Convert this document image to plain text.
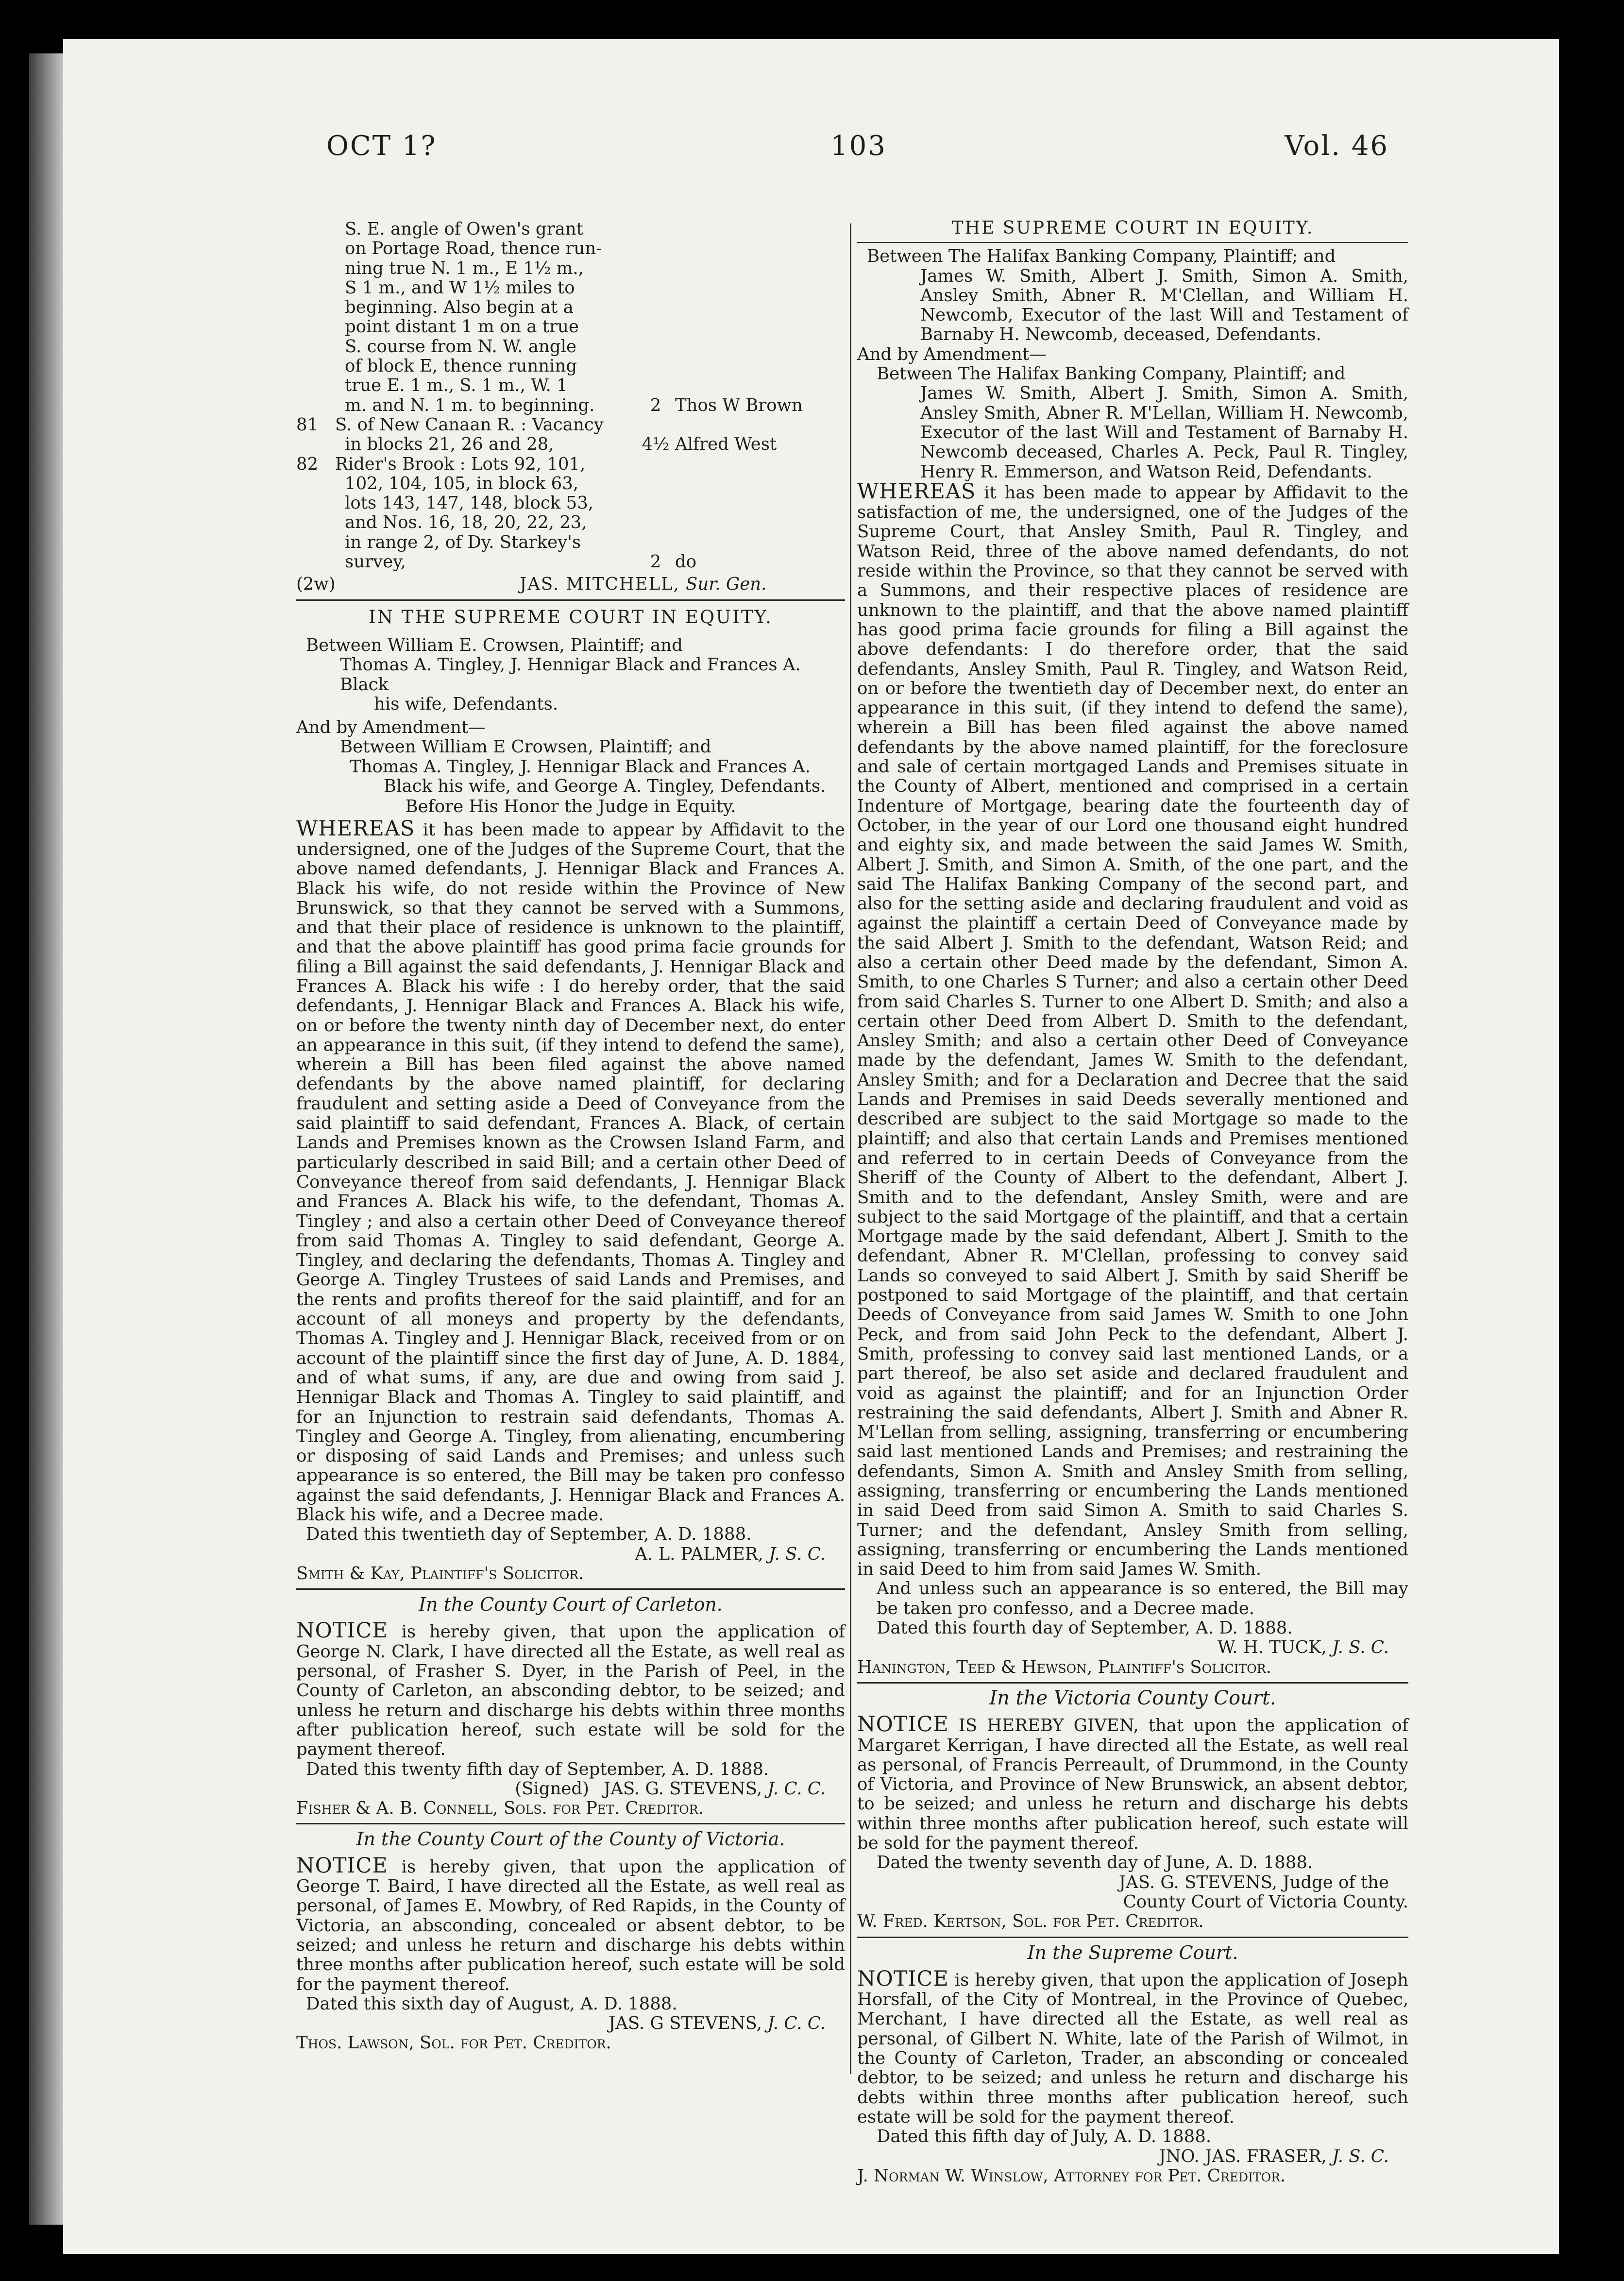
OCT 1?	103	Vol. 46
S. E. angle of Owen's grant
on Portage Road, thence run-
ning true N. 1 m., E 1½ m.,
S 1 m., and W 1½ miles to
beginning. Also begin at a
point distant 1 m on a true
S. course from N. W. angle
of block E, thence running
true E. 1 m., S. 1 m., W. 1
m. and N. 1 m. to beginning.	2 Thos W Brown
81 S. of New Canaan R. : Vacancy
in blocks 21, 26 and 28,	4½ Alfred West
82 Rider's Brook : Lots 92, 101,
102, 104, 105, in block 63,
lots 143, 147, 148, block 53,
and Nos. 16, 18, 20, 22, 23,
in range 2, of Dy. Starkey's
survey,	2 do
(2w)	JAS. MITCHELL, Sur. Gen.
IN THE SUPREME COURT IN EQUITY.
Between William E. Crowsen, Plaintiff; and
Thomas A. Tingley, J. Hennigar Black and Frances A. Black
his wife, Defendants.
And by Amendment—
Between William E Crowsen, Plaintiff; and
Thomas A. Tingley, J. Hennigar Black and Frances A.
Black his wife, and George A. Tingley, Defendants.
Before His Honor the Judge in Equity.

WHEREAS it has been made to appear by Affidavit to the undersigned, one of the Judges of the Supreme Court, that the above named defendants, J. Hennigar Black and Frances A. Black his wife, do not reside within the Province of New Brunswick, so that they cannot be served with a Summons, and that their place of residence is unknown to the plaintiff, and that the above plaintiff has good prima facie grounds for filing a Bill against the said defendants, J. Hennigar Black and Frances A. Black his wife : I do hereby order, that the said defendants, J. Hennigar Black and Frances A. Black his wife, on or before the twenty ninth day of December next, do enter an appearance in this suit, (if they intend to defend the same), wherein a Bill has been filed against the above named defendants by the above named plaintiff, for declaring fraudulent and setting aside a Deed of Conveyance from the said plaintiff to said defendant, Frances A. Black, of certain Lands and Premises known as the Crowsen Island Farm, and particularly described in said Bill; and a certain other Deed of Conveyance thereof from said defendants, J. Hennigar Black and Frances A. Black his wife, to the defendant, Thomas A. Tingley ; and also a certain other Deed of Conveyance thereof from said Thomas A. Tingley to said defendant, George A. Tingley, and declaring the defendants, Thomas A. Tingley and George A. Tingley Trustees of said Lands and Premises, and the rents and profits thereof for the said plaintiff, and for an account of all moneys and property by the defendants, Thomas A. Tingley and J. Hennigar Black, received from or on account of the plaintiff since the first day of June, A. D. 1884, and of what sums, if any, are due and owing from said J. Hennigar Black and Thomas A. Tingley to said plaintiff, and for an Injunction to restrain said defendants, Thomas A. Tingley and George A. Tingley, from alienating, encumbering or disposing of said Lands and Premises; and unless such appearance is so entered, the Bill may be taken pro confesso against the said defendants, J. Hennigar Black and Frances A. Black his wife, and a Decree made.

Dated this twentieth day of September, A. D. 1888.
A. L. PALMER, J. S. C.
Smith & Kay, Plaintiff's Solicitor.
In the County Court of Carleton.

NOTICE is hereby given, that upon the application of George N. Clark, I have directed all the Estate, as well real as personal, of Frasher S. Dyer, in the Parish of Peel, in the County of Carleton, an absconding debtor, to be seized; and unless he return and discharge his debts within three months after publication hereof, such estate will be sold for the payment thereof.

Dated this twenty fifth day of September, A. D. 1888.
(Signed) JAS. G. STEVENS, J. C. C.
Fisher & A. B. Connell, Sols. for Pet. Creditor.
In the County Court of the County of Victoria.

NOTICE is hereby given, that upon the application of George T. Baird, I have directed all the Estate, as well real as personal, of James E. Mowbry, of Red Rapids, in the County of Victoria, an absconding, concealed or absent debtor, to be seized; and unless he return and discharge his debts within three months after publication hereof, such estate will be sold for the payment thereof.

Dated this sixth day of August, A. D. 1888.
JAS. G STEVENS, J. C. C.
Thos. Lawson, Sol. for Pet. Creditor.
THE SUPREME COURT IN EQUITY.
Between The Halifax Banking Company, Plaintiff; and
James W. Smith, Albert J. Smith, Simon A. Smith, Ansley Smith, Abner R. M'Clellan, and William H. Newcomb, Executor of the last Will and Testament of Barnaby H. Newcomb, deceased, Defendants.
And by Amendment—
Between The Halifax Banking Company, Plaintiff; and
James W. Smith, Albert J. Smith, Simon A. Smith, Ansley Smith, Abner R. M'Lellan, William H. Newcomb, Executor of the last Will and Testament of Barnaby H. Newcomb deceased, Charles A. Peck, Paul R. Tingley, Henry R. Emmerson, and Watson Reid, Defendants.

WHEREAS it has been made to appear by Affidavit to the satisfaction of me, the undersigned, one of the Judges of the Supreme Court, that Ansley Smith, Paul R. Tingley, and Watson Reid, three of the above named defendants, do not reside within the Province, so that they cannot be served with a Summons, and their respective places of residence are unknown to the plaintiff, and that the above named plaintiff has good prima facie grounds for filing a Bill against the above defendants: I do therefore order, that the said defendants, Ansley Smith, Paul R. Tingley, and Watson Reid, on or before the twentieth day of December next, do enter an appearance in this suit, (if they intend to defend the same), wherein a Bill has been filed against the above named defendants by the above named plaintiff, for the foreclosure and sale of certain mortgaged Lands and Premises situate in the County of Albert, mentioned and comprised in a certain Indenture of Mortgage, bearing date the fourteenth day of October, in the year of our Lord one thousand eight hundred and eighty six, and made between the said James W. Smith, Albert J. Smith, and Simon A. Smith, of the one part, and the said The Halifax Banking Company of the second part, and also for the setting aside and declaring fraudulent and void as against the plaintiff a certain Deed of Conveyance made by the said Albert J. Smith to the defendant, Watson Reid; and also a certain other Deed made by the defendant, Simon A. Smith, to one Charles S Turner; and also a certain other Deed from said Charles S. Turner to one Albert D. Smith; and also a certain other Deed from Albert D. Smith to the defendant, Ansley Smith; and also a certain other Deed of Conveyance made by the defendant, James W. Smith to the defendant, Ansley Smith; and for a Declaration and Decree that the said Lands and Premises in said Deeds severally mentioned and described are subject to the said Mortgage so made to the plaintiff; and also that certain Lands and Premises mentioned and referred to in certain Deeds of Conveyance from the Sheriff of the County of Albert to the defendant, Albert J. Smith and to the defendant, Ansley Smith, were and are subject to the said Mortgage of the plaintiff, and that a certain Mortgage made by the said defendant, Albert J. Smith to the defendant, Abner R. M'Clellan, professing to convey said Lands so conveyed to said Albert J. Smith by said Sheriff be postponed to said Mortgage of the plaintiff, and that certain Deeds of Conveyance from said James W. Smith to one John Peck, and from said John Peck to the defendant, Albert J. Smith, professing to convey said last mentioned Lands, or a part thereof, be also set aside and declared fraudulent and void as against the plaintiff; and for an Injunction Order restraining the said defendants, Albert J. Smith and Abner R. M'Lellan from selling, assigning, transferring or encumbering said last mentioned Lands and Premises; and restraining the defendants, Simon A. Smith and Ansley Smith from selling, assigning, transferring or encumbering the Lands mentioned in said Deed from said Simon A. Smith to said Charles S. Turner; and the defendant, Ansley Smith from selling, assigning, transferring or encumbering the Lands mentioned in said Deed to him from said James W. Smith.

And unless such an appearance is so entered, the Bill may be taken pro confesso, and a Decree made.
Dated this fourth day of September, A. D. 1888.
W. H. TUCK, J. S. C.
Hanington, Teed & Hewson, Plaintiff's Solicitor.
In the Victoria County Court.

NOTICE IS HEREBY GIVEN, that upon the application of Margaret Kerrigan, I have directed all the Estate, as well real as personal, of Francis Perreault, of Drummond, in the County of Victoria, and Province of New Brunswick, an absent debtor, to be seized; and unless he return and discharge his debts within three months after publication hereof, such estate will be sold for the payment thereof.

Dated the twenty seventh day of June, A. D. 1888.
JAS. G. STEVENS, Judge of the
County Court of Victoria County.
W. Fred. Kertson, Sol. for Pet. Creditor.
In the Supreme Court.

NOTICE is hereby given, that upon the application of Joseph Horsfall, of the City of Montreal, in the Province of Quebec, Merchant, I have directed all the Estate, as well real as personal, of Gilbert N. White, late of the Parish of Wilmot, in the County of Carleton, Trader, an absconding or concealed debtor, to be seized; and unless he return and discharge his debts within three months after publication hereof, such estate will be sold for the payment thereof.

Dated this fifth day of July, A. D. 1888.
JNO. JAS. FRASER, J. S. C.
J. Norman W. Winslow, Attorney for Pet. Creditor.
